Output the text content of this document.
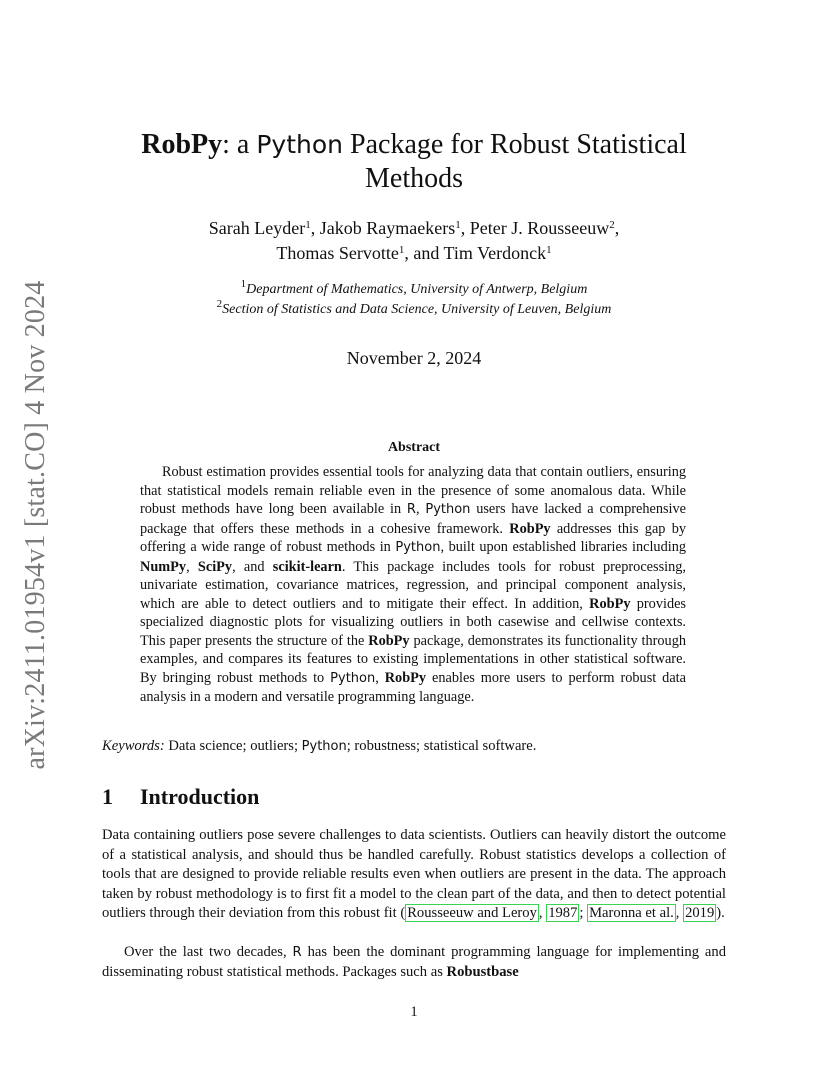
arXiv:2411.01954v1 [stat.CO] 4 Nov 2024
RobPy: a Python Package for Robust Statistical
Methods
Sarah Leyder$^1$, Jakob Raymaekers$^1$, Peter J. Rousseeuw$^2$,
Thomas Servotte$^1$, and Tim Verdonck$^1$
$^1$Department of Mathematics, University of Antwerp, Belgium
$^2$Section of Statistics and Data Science, University of Leuven, Belgium
November 2, 2024
Abstract

Robust estimation provides essential tools for analyzing data that contain outliers, ensuring that statistical models remain reliable even in the presence of some anomalous data. While robust methods have long been available in R, Python users have lacked a comprehensive package that offers these methods in a cohesive framework. RobPy addresses this gap by offering a wide range of robust methods in Python, built upon established libraries including NumPy, SciPy, and scikit-learn. This package includes tools for robust preprocessing, univariate estimation, covariance matrices, regression, and principal component analysis, which are able to detect outliers and to mitigate their effect. In addition, RobPy provides specialized diagnostic plots for visualizing outliers in both casewise and cellwise contexts. This paper presents the structure of the RobPy package, demonstrates its functionality through examples, and compares its features to existing implementations in other statistical software. By bringing robust methods to Python, RobPy enables more users to perform robust data analysis in a modern and versatile programming language.

Keywords: Data science; outliers; Python; robustness; statistical software.
1 Introduction

Data containing outliers pose severe challenges to data scientists. Outliers can heavily distort the outcome of a statistical analysis, and should thus be handled carefully. Robust statistics develops a collection of tools that are designed to provide reliable results even when outliers are present in the data. The approach taken by robust methodology is to first fit a model to the clean part of the data, and then to detect potential outliers through their deviation from this robust fit ( Rousseeuw and Leroy , 1987 ; Maronna et al. , 2019 ).

Over the last two decades, R has been the dominant programming language for implementing and disseminating robust statistical methods. Packages such as Robustbase

1
